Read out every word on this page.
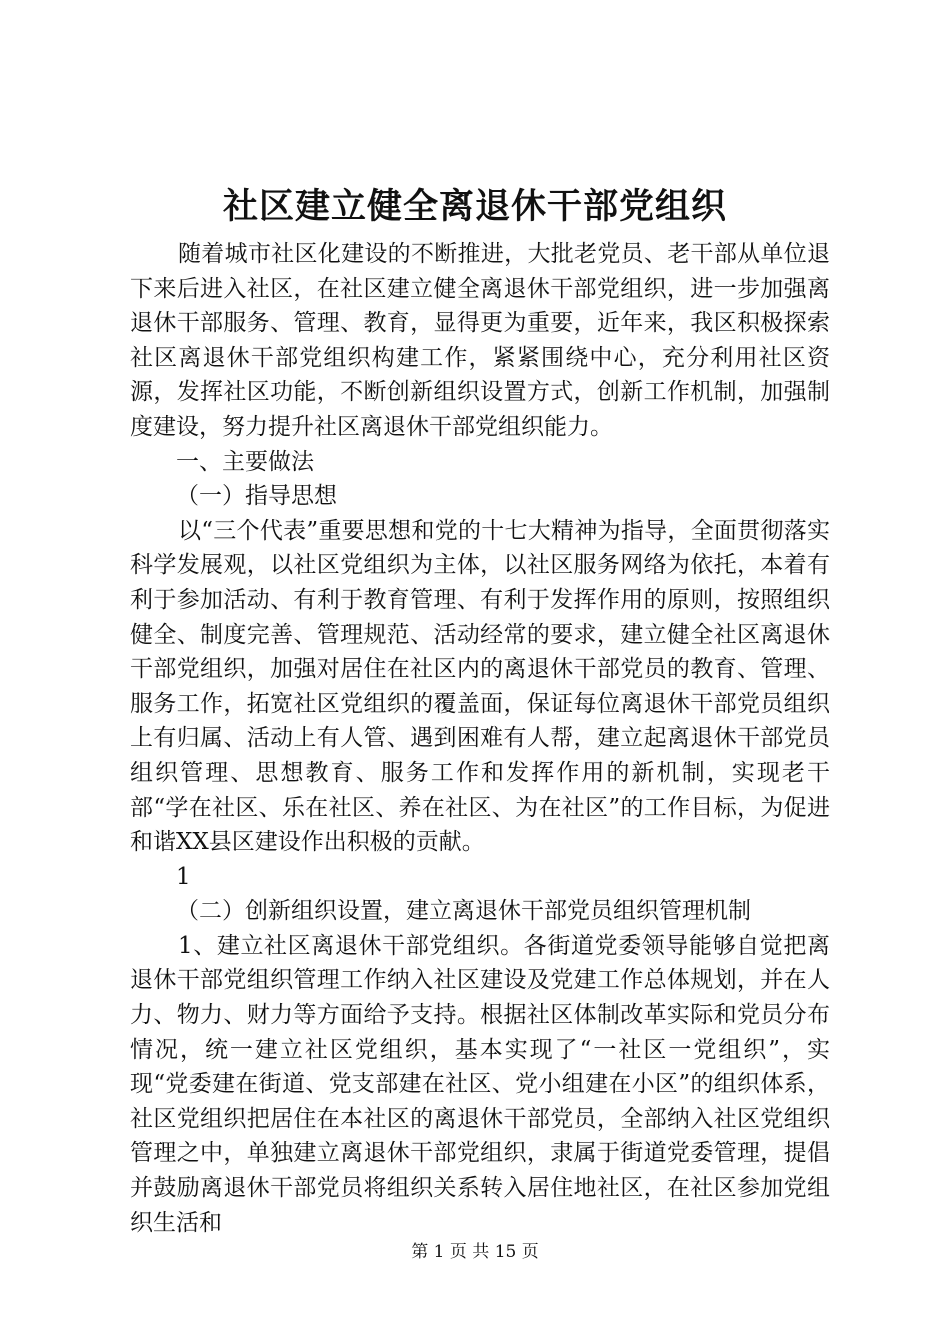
社区建立健全离退休干部党组织

随着城市社区化建设的不断推进，大批老党员、老干部从单位退下来后进入社区，在社区建立健全离退休干部党组织，进一步加强离退休干部服务、管理、教育，显得更为重要，近年来，我区积极探索社区离退休干部党组织构建工作，紧紧围绕中心，充分利用社区资源，发挥社区功能，不断创新组织设置方式，创新工作机制，加强制度建设，努力提升社区离退休干部党组织能力。

一、主要做法

（一）指导思想

以“三个代表”重要思想和党的十七大精神为指导，全面贯彻落实科学发展观，以社区党组织为主体，以社区服务网络为依托，本着有利于参加活动、有利于教育管理、有利于发挥作用的原则，按照组织健全、制度完善、管理规范、活动经常的要求，建立健全社区离退休干部党组织，加强对居住在社区内的离退休干部党员的教育、管理、服务工作，拓宽社区党组织的覆盖面，保证每位离退休干部党员组织上有归属、活动上有人管、遇到困难有人帮，建立起离退休干部党员组织管理、思想教育、服务工作和发挥作用的新机制，实现老干部“学在社区、乐在社区、养在社区、为在社区”的工作目标，为促进和谐XX县区建设作出积极的贡献。

1

（二）创新组织设置，建立离退休干部党员组织管理机制

1、建立社区离退休干部党组织。各街道党委领导能够自觉把离退休干部党组织管理工作纳入社区建设及党建工作总体规划，并在人力、物力、财力等方面给予支持。根据社区体制改革实际和党员分布情况，统一建立社区党组织，基本实现了“一社区一党组织”，实现“党委建在街道、党支部建在社区、党小组建在小区”的组织体系，社区党组织把居住在本社区的离退休干部党员，全部纳入社区党组织管理之中，单独建立离退休干部党组织，隶属于街道党委管理，提倡并鼓励离退休干部党员将组织关系转入居住地社区，在社区参加党组织生活和

第 1 页 共 15 页
